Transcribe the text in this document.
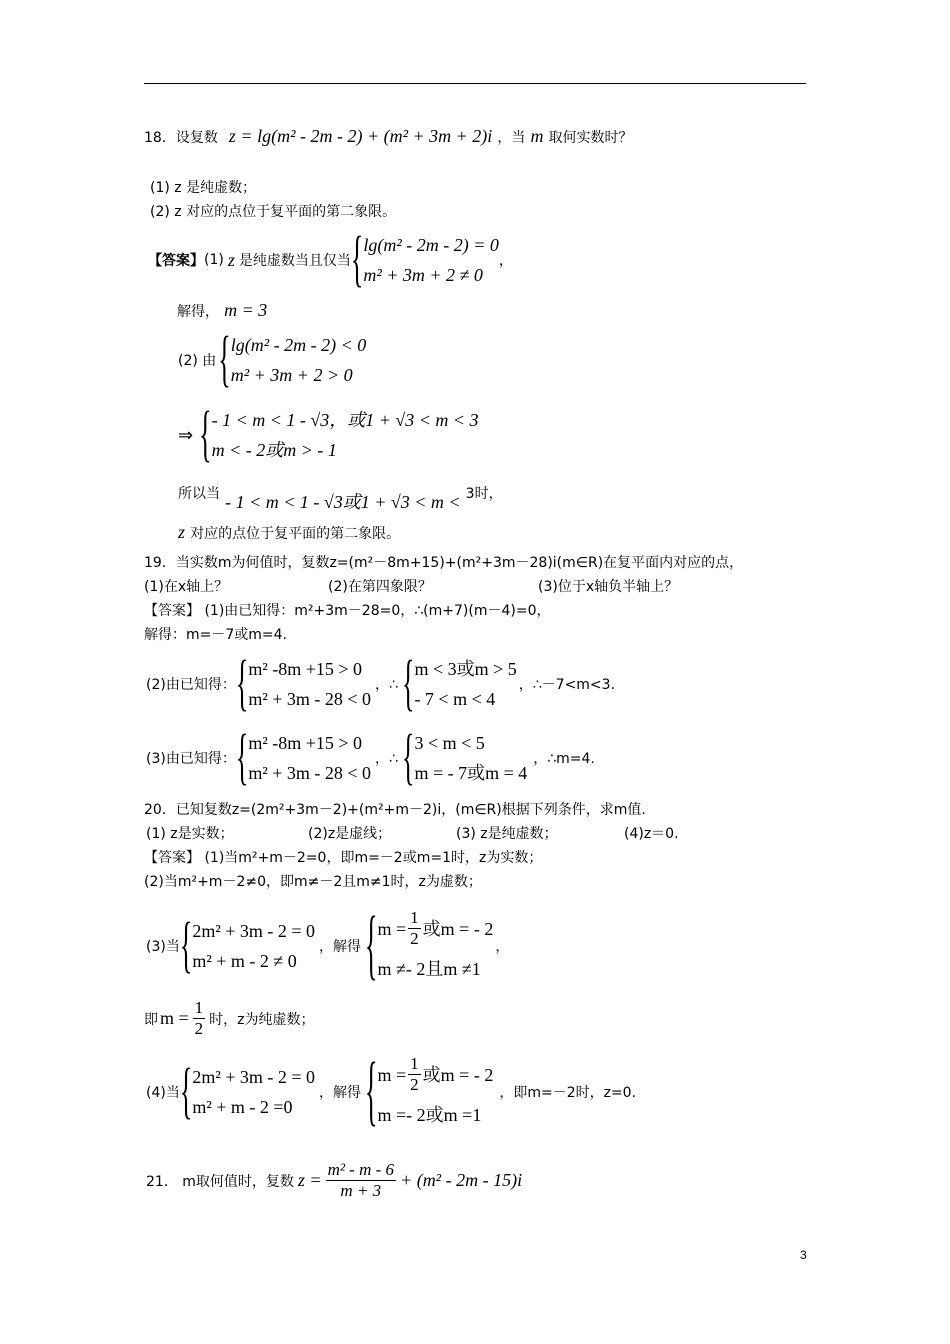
18．设复数 z = lg(m² - 2m - 2) + (m² + 3m + 2)i ，当 m 取何实数时？
(1) z 是纯虚数；
(2) z 对应的点位于复平面的第二象限。
【答案】 (1) z 是纯虚数当且仅当 { lg(m² - 2m - 2) = 0
m² + 3m + 2 ≠ 0
，
解得， m = 3
(2) 由 { lg(m² - 2m - 2) < 0
m² + 3m + 2 > 0
⇒ { - 1 < m < 1 - √3，或1 + √3 < m < 3
m < - 2或m > - 1
所以当 - 1 < m < 1 - √3或1 + √3 < m < 3时，
z 对应的点位于复平面的第二象限。
19．当实数m为何值时，复数z=(m²－8m+15)+(m²+3m－28)i(m∈R)在复平面内对应的点，
(1)在x轴上？	(2)在第四象限？	(3)位于x轴负半轴上？
【答案】 (1)由已知得：m²+3m－28=0，∴(m+7)(m－4)=0，
解得：m=－7或m=4.
(2)由已知得： { m² -8m +15 > 0
m² + 3m - 28 < 0
，∴ { m < 3或m > 5
- 7 < m < 4
，∴－7<m<3.
(3)由已知得： { m² -8m +15 > 0
m² + 3m - 28 < 0
，∴ { 3 < m < 5
m = - 7或m = 4
，∴m=4.
20．已知复数z=(2m²+3m－2)+(m²+m－2)i，(m∈R)根据下列条件，求m值.
(1) z是实数；	(2)z是虚线；	(3) z是纯虚数；	(4)z＝0.
【答案】 (1)当m²+m－2=0，即m=－2或m=1时，z为实数；
(2)当m²+m－2≠0，即m≠－2且m≠1时，z为虚数；
(3)当 { 2m² + 3m - 2 = 0
m² + m - 2 ≠ 0
，解得 { $m = \frac{1}{2}$ 或m = - 2
m ≠- 2且m ≠1
，
即 $m = \frac{1}{2}$ 时，z为纯虚数；
(4)当 { 2m² + 3m - 2 = 0
m² + m - 2 =0
，解得 { $m = \frac{1}{2}$ 或m = - 2
m =- 2或m =1
，即m=－2时，z=0.
21． m取何值时，复数 $z = \frac{\text{m² - m - 6}}{m + 3} + (m^2 - 2m - 15)i$
3
